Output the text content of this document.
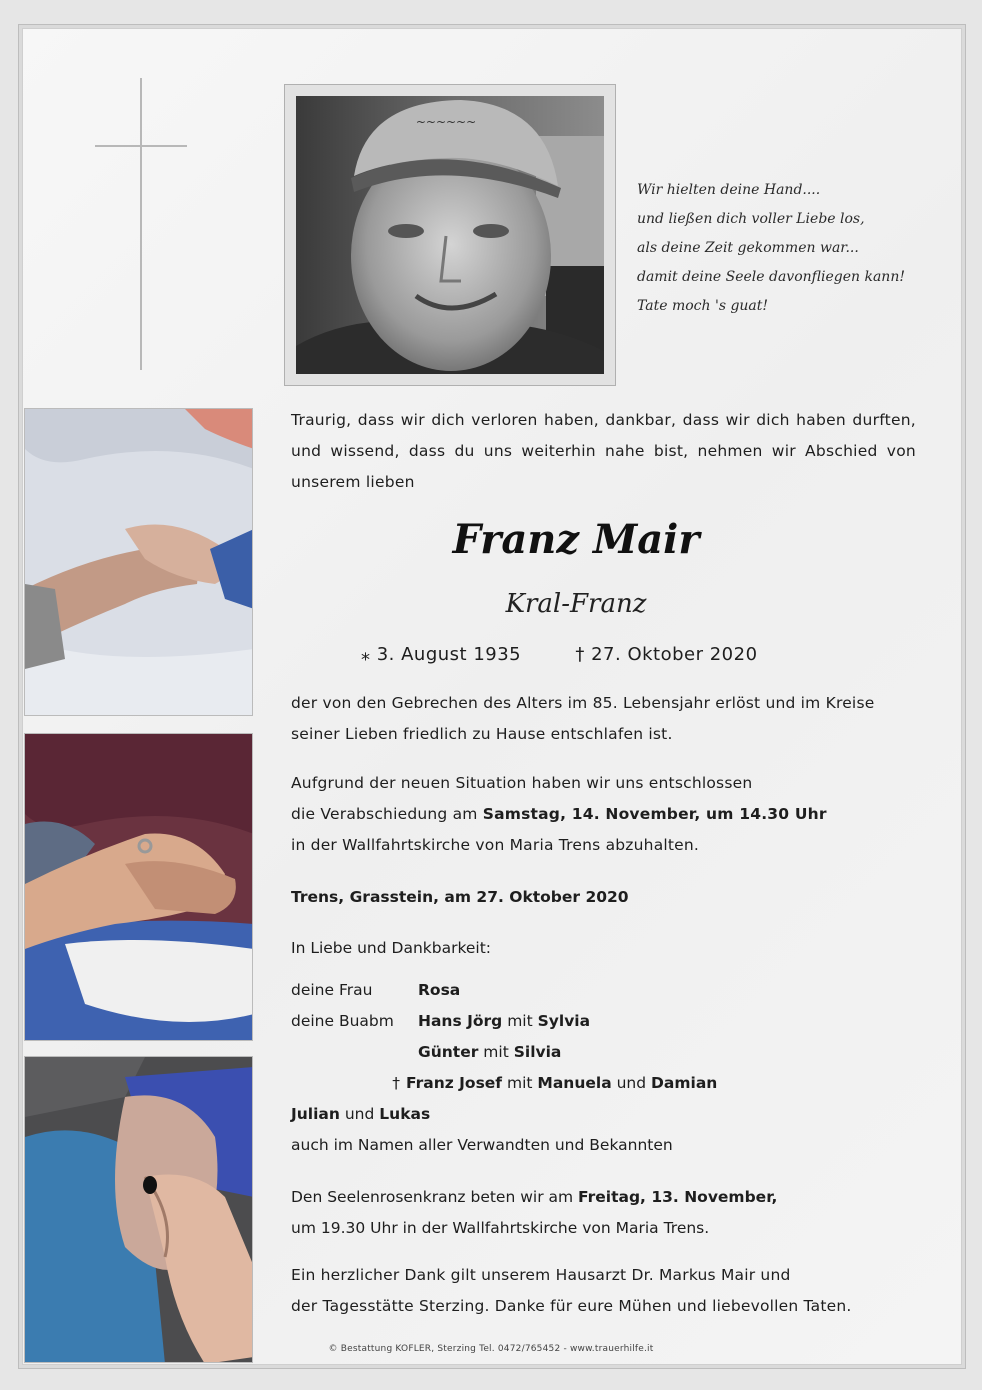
~~~~~~
Wir hielten deine Hand....
und ließen dich voller Liebe los,
als deine Zeit gekommen war...
damit deine Seele davonfliegen kann!
Tate moch 's guat!
Traurig, dass wir dich verloren haben, dankbar, dass wir dich haben durften, und wissend, dass du uns weiterhin nahe bist, nehmen wir Abschied von unserem lieben
Franz Mair
Kral-Franz
⁎ 3. August 1935	† 27. Oktober 2020
der von den Gebrechen des Alters im 85. Lebensjahr erlöst und im Kreise seiner Lieben friedlich zu Hause entschlafen ist.
Aufgrund der neuen Situation haben wir uns entschlossen
die Verabschiedung am Samstag, 14. November, um 14.30 Uhr
in der Wallfahrtskirche von Maria Trens abzuhalten.
Trens, Grasstein, am 27. Oktober 2020
In Liebe und Dankbarkeit:
deine Frau	Rosa
deine Buabm Hans Jörg mit Sylvia
Günter mit Silvia
† Franz Josef mit Manuela und Damian
Julian und Lukas
auch im Namen aller Verwandten und Bekannten
Den Seelenrosenkranz beten wir am Freitag, 13. November,
um 19.30 Uhr in der Wallfahrtskirche von Maria Trens.
Ein herzlicher Dank gilt unserem Hausarzt Dr. Markus Mair und
der Tagesstätte Sterzing. Danke für eure Mühen und liebevollen Taten.
© Bestattung KOFLER, Sterzing Tel. 0472/765452 - www.trauerhilfe.it
